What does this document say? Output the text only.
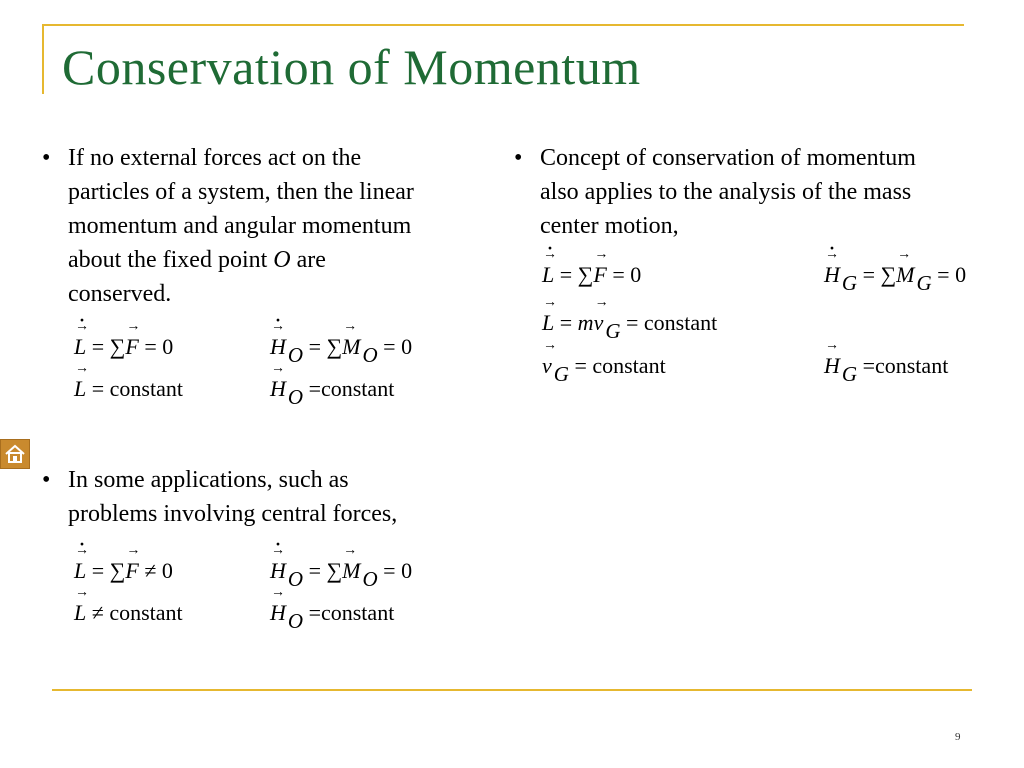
Conservation of Momentum
• If no external forces act on the
particles of a system, then the linear
momentum and angular momentum
about the fixed point O are
conserved.
→ L · = ∑→ F = 0	→ H ·O = ∑→ MO = 0
→ L = constant	→ HO =constant
• In some applications, such as
problems involving central forces,
→ L · = ∑→ F ≠ 0	→ H ·O = ∑→ MO = 0
→ L ≠ constant	→ HO =constant
• Concept of conservation of momentum
also applies to the analysis of the mass
center motion,
→ L · = ∑→ F = 0	→ H ·G = ∑→ MG = 0
→ L = m→ vG = constant
→ vG = constant	→ HG =constant
9
